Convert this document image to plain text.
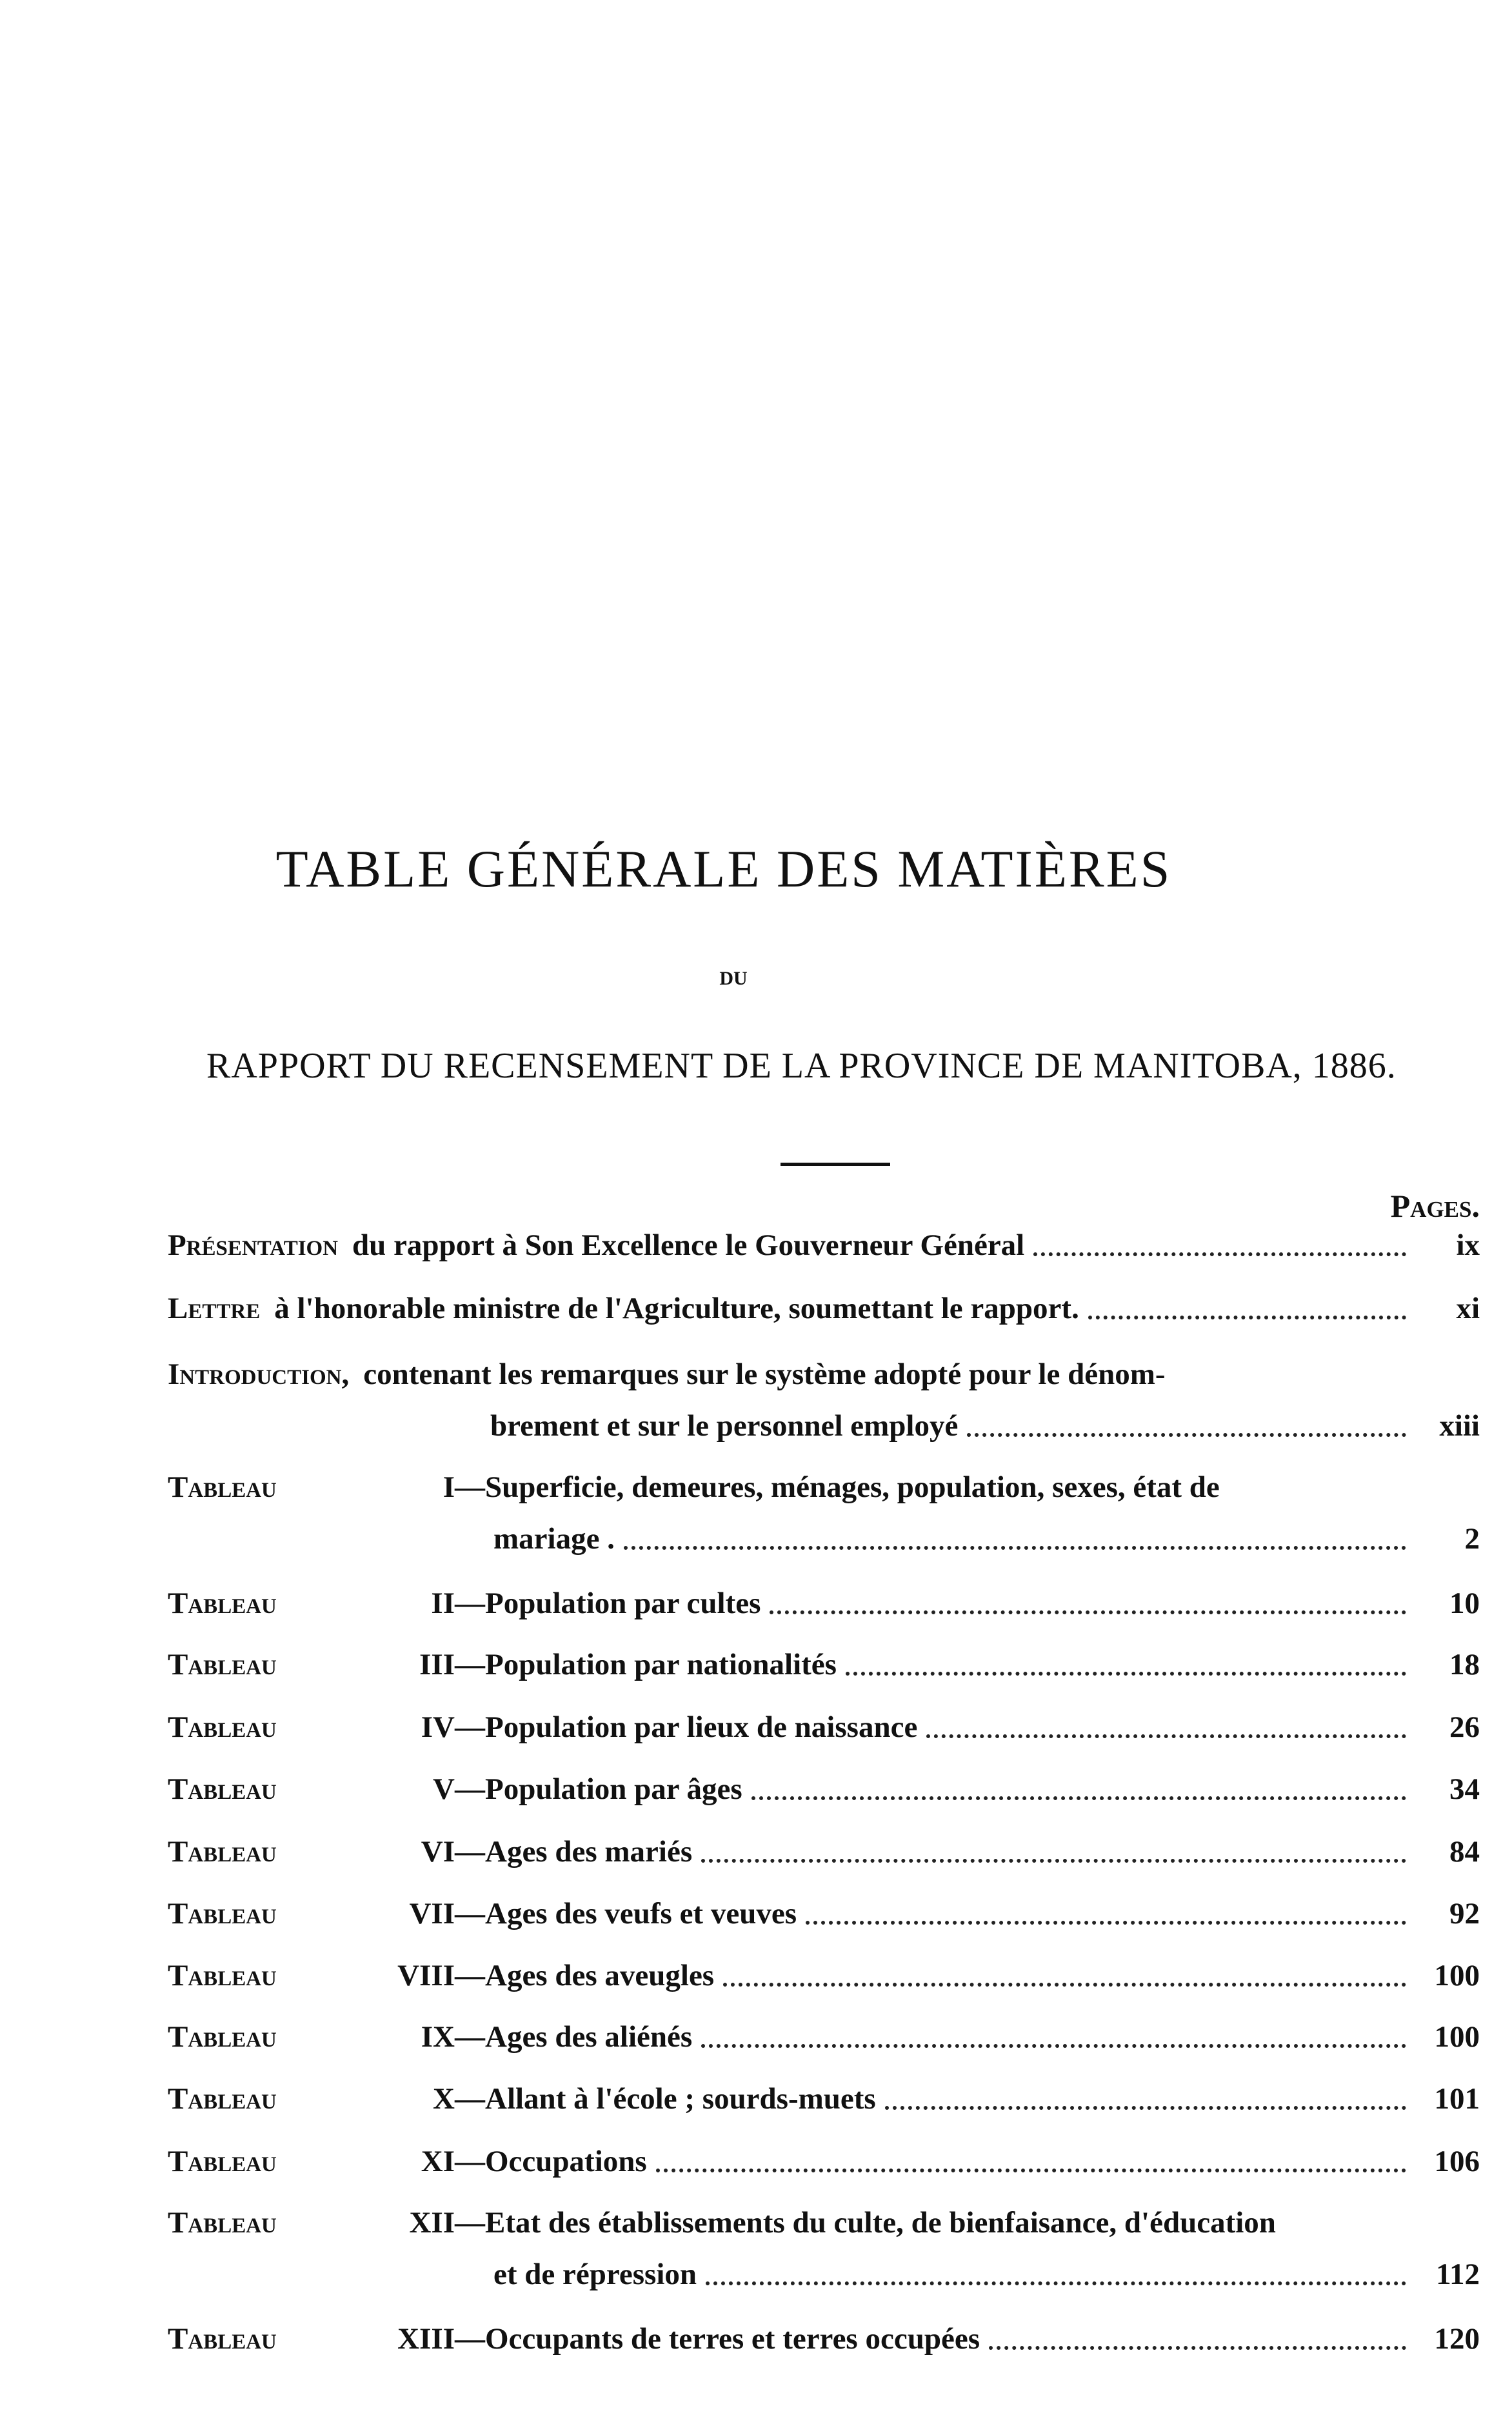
TABLE GÉNÉRALE DES MATIÈRES
DU
RAPPORT DU RECENSEMENT DE LA PROVINCE DE MANITOBA, 1886.
Pages.
Présentation du rapport à Son Excellence le Gouverneur Général	ix
Lettre à l'honorable ministre de l'Agriculture, soumettant le rapport.	xi
Introduction, contenant les remarques sur le système adopté pour le dénom-
brement et sur le personnel employé	xiii
Tableau	I —Superficie, demeures, ménages, population, sexes, état de
mariage .	2
Tableau	II —Population par cultes	10
Tableau	III —Population par nationalités	18
Tableau	IV —Population par lieux de naissance	26
Tableau	V —Population par âges	34
Tableau	VI —Ages des mariés	84
Tableau	VII —Ages des veufs et veuves	92
Tableau	VIII —Ages des aveugles	100
Tableau	IX —Ages des aliénés	100
Tableau	X —Allant à l'école ; sourds-muets	101
Tableau	XI —Occupations	106
Tableau	XII —Etat des établissements du culte, de bienfaisance, d'éducation
et de répression	112
Tableau	XIII —Occupants de terres et terres occupées	120
